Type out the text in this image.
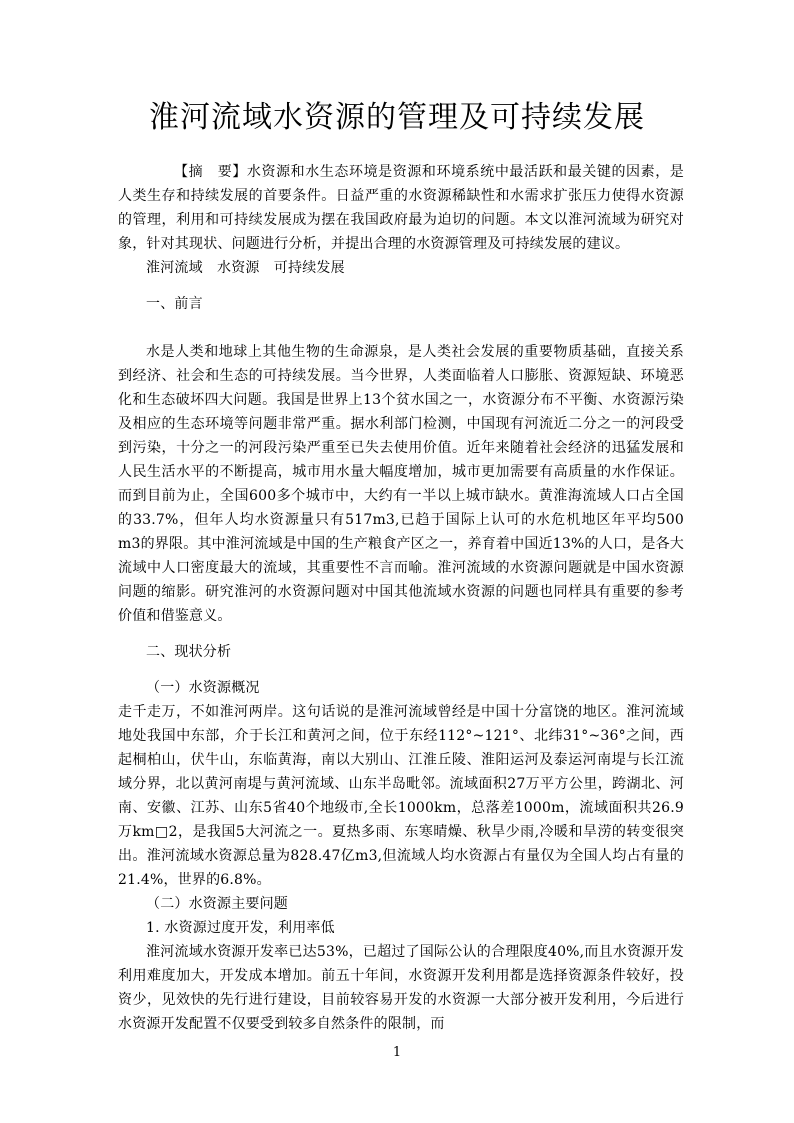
淮河流域水资源的管理及可持续发展

【摘　要】水资源和水生态环境是资源和环境系统中最活跃和最关键的因素，是人类生存和持续发展的首要条件。日益严重的水资源稀缺性和水需求扩张压力使得水资源的管理，利用和可持续发展成为摆在我国政府最为迫切的问题。本文以淮河流域为研究对象，针对其现状、问题进行分析，并提出合理的水资源管理及可持续发展的建议。

淮河流域　水资源　可持续发展

一、前言

水是人类和地球上其他生物的生命源泉，是人类社会发展的重要物质基础，直接关系到经济、社会和生态的可持续发展。当今世界，人类面临着人口膨胀、资源短缺、环境恶化和生态破坏四大问题。我国是世界上13个贫水国之一，水资源分布不平衡、水资源污染及相应的生态环境等问题非常严重。据水利部门检测，中国现有河流近二分之一的河段受到污染，十分之一的河段污染严重至已失去使用价值。近年来随着社会经济的迅猛发展和人民生活水平的不断提高，城市用水量大幅度增加，城市更加需要有高质量的水作保证。而到目前为止，全国600多个城市中，大约有一半以上城市缺水。黄淮海流域人口占全国的33.7%，但年人均水资源量只有517m3,已趋于国际上认可的水危机地区年平均500 m3的界限。其中淮河流域是中国的生产粮食产区之一，养育着中国近13%的人口，是各大流域中人口密度最大的流域，其重要性不言而喻。淮河流域的水资源问题就是中国水资源问题的缩影。研究淮河的水资源问题对中国其他流域水资源的问题也同样具有重要的参考价值和借鉴意义。

二、现状分析

（一）水资源概况

走千走万，不如淮河两岸。这句话说的是淮河流域曾经是中国十分富饶的地区。淮河流域地处我国中东部，介于长江和黄河之间，位于东经112°~121°、北纬31°~36°之间，西起桐柏山，伏牛山，东临黄海，南以大别山、江淮丘陵、淮阳运河及泰运河南堤与长江流域分界，北以黄河南堤与黄河流域、山东半岛毗邻。流域面积27万平方公里，跨湖北、河南、安徽、江苏、山东5省40个地级市,全长1000km，总落差1000m，流域面积共26.9万km□2，是我国5大河流之一。夏热多雨、东寒晴燥、秋旱少雨,冷暖和旱涝的转变很突出。淮河流域水资源总量为828.47亿m3,但流域人均水资源占有量仅为全国人均占有量的21.4%，世界的6.8%。

（二）水资源主要问题

1. 水资源过度开发，利用率低

淮河流域水资源开发率已达53%，已超过了国际公认的合理限度40%,而且水资源开发利用难度加大，开发成本增加。前五十年间，水资源开发利用都是选择资源条件较好，投资少，见效快的先行进行建设，目前较容易开发的水资源一大部分被开发利用，今后进行水资源开发配置不仅要受到较多自然条件的限制，而

1
